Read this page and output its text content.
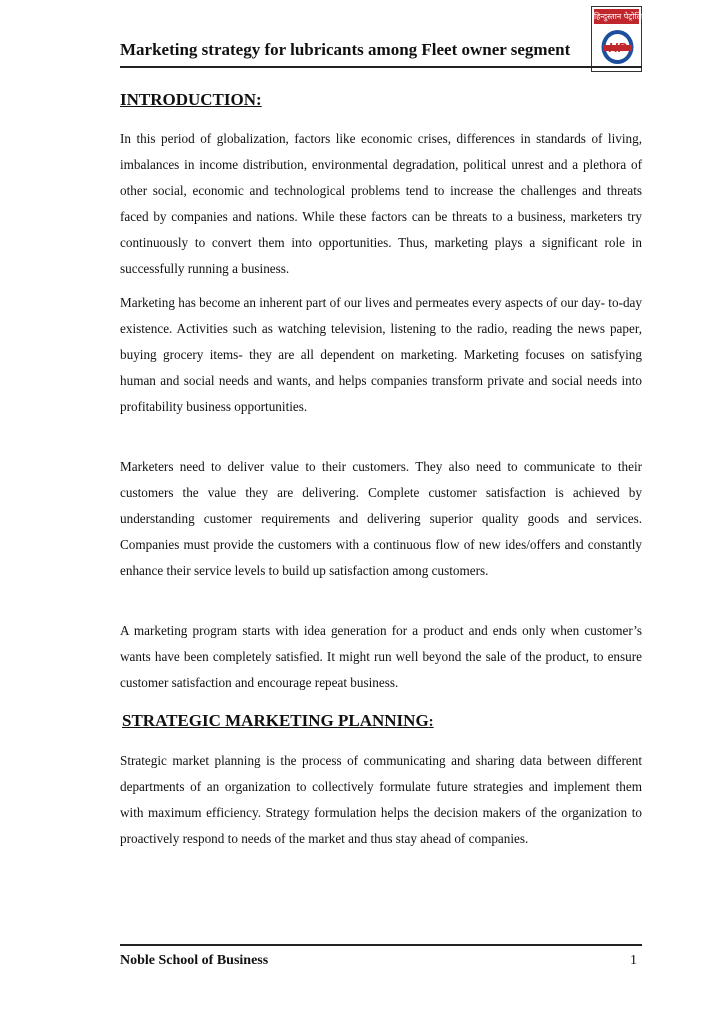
Marketing strategy for lubricants among Fleet owner segment
हिन्दुस्तान पेट्रोलियम
HP
INTRODUCTION:

In this period of globalization, factors like economic crises, differences in standards of living, imbalances in income distribution, environmental degradation, political unrest and a plethora of other social, economic and technological problems tend to increase the challenges and threats faced by companies and nations. While these factors can be threats to a business, marketers try continuously to convert them into opportunities. Thus, marketing plays a significant role in successfully running a business.

Marketing has become an inherent part of our lives and permeates every aspects of our day- to-day existence. Activities such as watching television, listening to the radio, reading the news paper, buying grocery items- they are all dependent on marketing. Marketing focuses on satisfying human and social needs and wants, and helps companies transform private and social needs into profitability business opportunities.

Marketers need to deliver value to their customers. They also need to communicate to their customers the value they are delivering. Complete customer satisfaction is achieved by understanding customer requirements and delivering superior quality goods and services. Companies must provide the customers with a continuous flow of new ides/offers and constantly enhance their service levels to build up satisfaction among customers.

A marketing program starts with idea generation for a product and ends only when customer’s wants have been completely satisfied. It might run well beyond the sale of the product, to ensure customer satisfaction and encourage repeat business.

STRATEGIC MARKETING PLANNING:

Strategic market planning is the process of communicating and sharing data between different departments of an organization to collectively formulate future strategies and implement them with maximum efficiency. Strategy formulation helps the decision makers of the organization to proactively respond to needs of the market and thus stay ahead of companies.

Noble School of Business	1
